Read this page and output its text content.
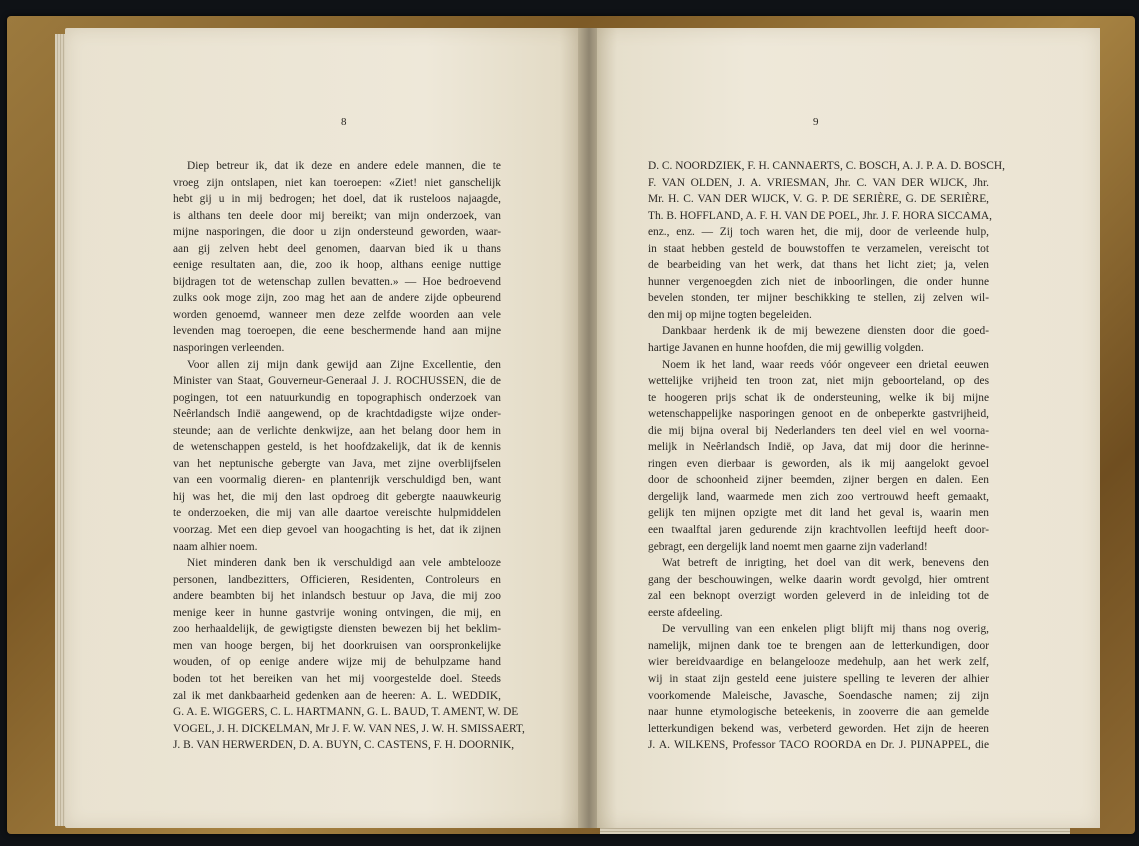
8
Diep betreur ik, dat ik deze en andere edele mannen, die te
vroeg zijn ontslapen, niet kan toeroepen: «Ziet! niet ganschelijk
hebt gij u in mij bedrogen; het doel, dat ik rusteloos najaagde,
is althans ten deele door mij bereikt; van mijn onderzoek, van
mijne nasporingen, die door u zijn ondersteund geworden, waar-
aan gij zelven hebt deel genomen, daarvan bied ik u thans
eenige resultaten aan, die, zoo ik hoop, althans eenige nuttige
bijdragen tot de wetenschap zullen bevatten.» — Hoe bedroevend
zulks ook moge zijn, zoo mag het aan de andere zijde opbeurend
worden genoemd, wanneer men deze zelfde woorden aan vele
levenden mag toeroepen, die eene beschermende hand aan mijne
nasporingen verleenden.
Voor allen zij mijn dank gewijd aan Zijne Excellentie, den
Minister van Staat, Gouverneur-Generaal J. J. ROCHUSSEN, die de
pogingen, tot een natuurkundig en topographisch onderzoek van
Neêrlandsch Indië aangewend, op de krachtdadigste wijze onder-
steunde; aan de verlichte denkwijze, aan het belang door hem in
de wetenschappen gesteld, is het hoofdzakelijk, dat ik de kennis
van het neptunische gebergte van Java, met zijne overblijfselen
van een voormalig dieren- en plantenrijk verschuldigd ben, want
hij was het, die mij den last opdroeg dit gebergte naauwkeurig
te onderzoeken, die mij van alle daartoe vereischte hulpmiddelen
voorzag. Met een diep gevoel van hoogachting is het, dat ik zijnen
naam alhier noem.
Niet minderen dank ben ik verschuldigd aan vele ambtelooze
personen, landbezitters, Officieren, Residenten, Controleurs en
andere beambten bij het inlandsch bestuur op Java, die mij zoo
menige keer in hunne gastvrije woning ontvingen, die mij, en
zoo herhaaldelijk, de gewigtigste diensten bewezen bij het beklim-
men van hooge bergen, bij het doorkruisen van oorspronkelijke
wouden, of op eenige andere wijze mij de behulpzame hand
boden tot het bereiken van het mij voorgestelde doel. Steeds
zal ik met dankbaarheid gedenken aan de heeren: A. L. WEDDIK,
G. A. E. WIGGERS, C. L. HARTMANN, G. L. BAUD, T. AMENT, W. DE
VOGEL, J. H. DICKELMAN, Mr J. F. W. VAN NES, J. W. H. SMISSAERT,
J. B. VAN HERWERDEN, D. A. BUYN, C. CASTENS, F. H. DOORNIK,
9
D. C. NOORDZIEK, F. H. CANNAERTS, C. BOSCH, A. J. P. A. D. BOSCH,
F. VAN OLDEN, J. A. VRIESMAN, Jhr. C. VAN DER WIJCK, Jhr.
Mr. H. C. VAN DER WIJCK, V. G. P. DE SERIÈRE, G. DE SERIÈRE,
Th. B. HOFFLAND, A. F. H. VAN DE POEL, Jhr. J. F. HORA SICCAMA,
enz., enz. — Zij toch waren het, die mij, door de verleende hulp,
in staat hebben gesteld de bouwstoffen te verzamelen, vereischt tot
de bearbeiding van het werk, dat thans het licht ziet; ja, velen
hunner vergenoegden zich niet de inboorlingen, die onder hunne
bevelen stonden, ter mijner beschikking te stellen, zij zelven wil-
den mij op mijne togten begeleiden.
Dankbaar herdenk ik de mij bewezene diensten door die goed-
hartige Javanen en hunne hoofden, die mij gewillig volgden.
Noem ik het land, waar reeds vóór ongeveer een drietal eeuwen
wettelijke vrijheid ten troon zat, niet mijn geboorteland, op des
te hoogeren prijs schat ik de ondersteuning, welke ik bij mijne
wetenschappelijke nasporingen genoot en de onbeperkte gastvrijheid,
die mij bijna overal bij Nederlanders ten deel viel en wel voorna-
melijk in Neêrlandsch Indië, op Java, dat mij door die herinne-
ringen even dierbaar is geworden, als ik mij aangelokt gevoel
door de schoonheid zijner beemden, zijner bergen en dalen. Een
dergelijk land, waarmede men zich zoo vertrouwd heeft gemaakt,
gelijk ten mijnen opzigte met dit land het geval is, waarin men
een twaalftal jaren gedurende zijn krachtvollen leeftijd heeft door-
gebragt, een dergelijk land noemt men gaarne zijn vaderland!
Wat betreft de inrigting, het doel van dit werk, benevens den
gang der beschouwingen, welke daarin wordt gevolgd, hier omtrent
zal een beknopt overzigt worden geleverd in de inleiding tot de
eerste afdeeling.
De vervulling van een enkelen pligt blijft mij thans nog overig,
namelijk, mijnen dank toe te brengen aan de letterkundigen, door
wier bereidvaardige en belangelooze medehulp, aan het werk zelf,
wij in staat zijn gesteld eene juistere spelling te leveren der alhier
voorkomende Maleische, Javasche, Soendasche namen; zij zijn
naar hunne etymologische beteekenis, in zooverre die aan gemelde
letterkundigen bekend was, verbeterd geworden. Het zijn de heeren
J. A. WILKENS, Professor TACO ROORDA en Dr. J. PIJNAPPEL, die
